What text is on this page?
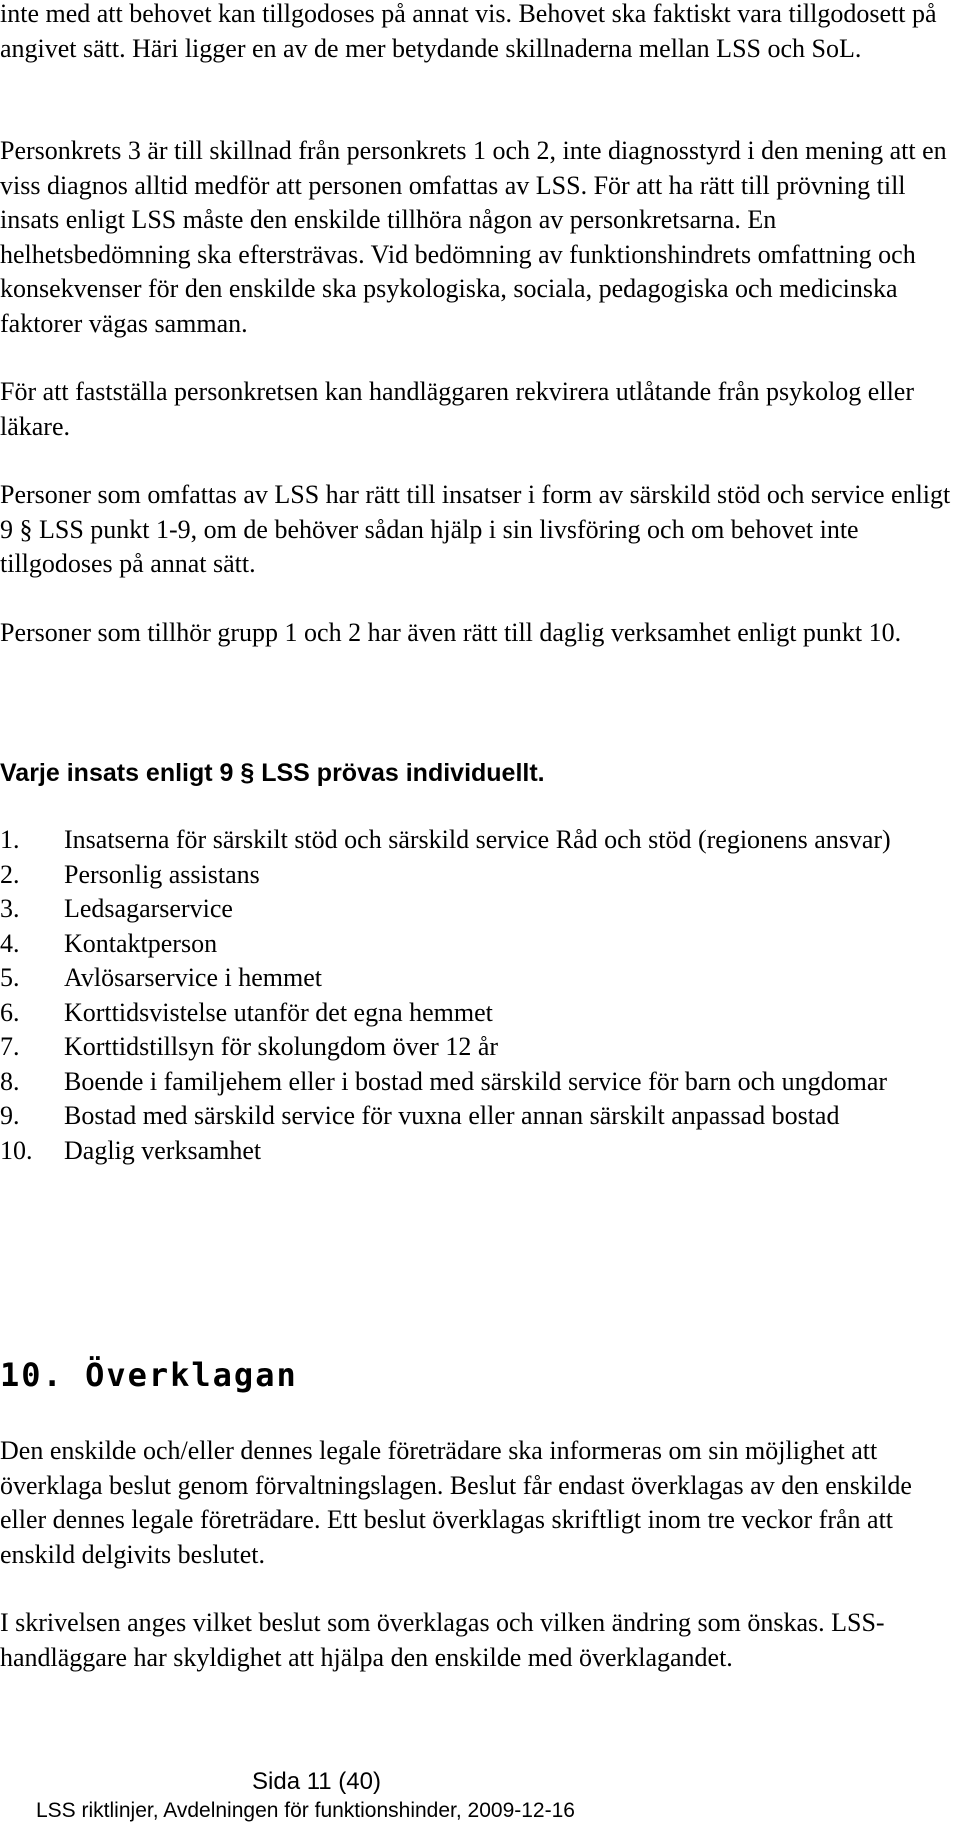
inte med att behovet kan tillgodoses på annat vis. Behovet ska faktiskt vara tillgodosett på angivet sätt. Häri ligger en av de mer betydande skillnaderna mellan LSS och SoL.

Personkrets 3 är till skillnad från personkrets 1 och 2, inte diagnosstyrd i den mening att en viss diagnos alltid medför att personen omfattas av LSS. För att ha rätt till prövning till insats enligt LSS måste den enskilde tillhöra någon av personkretsarna. En helhetsbedömning ska eftersträvas. Vid bedömning av funktionshindrets omfattning och konsekvenser för den enskilde ska psykologiska, sociala, pedagogiska och medicinska faktorer vägas samman.

För att fastställa personkretsen kan handläggaren rekvirera utlåtande från psykolog eller läkare.

Personer som omfattas av LSS har rätt till insatser i form av särskild stöd och service enligt 9 § LSS punkt 1-9, om de behöver sådan hjälp i sin livsföring och om behovet inte tillgodoses på annat sätt.

Personer som tillhör grupp 1 och 2 har även rätt till daglig verksamhet enligt punkt 10.

Varje insats enligt 9 § LSS prövas individuellt.
1.	Insatserna för särskilt stöd och särskild service Råd och stöd (regionens ansvar)
2.	Personlig assistans
3.	Ledsagarservice
4.	Kontaktperson
5.	Avlösarservice i hemmet
6.	Korttidsvistelse utanför det egna hemmet
7.	Korttidstillsyn för skolungdom över 12 år
8.	Boende i familjehem eller i bostad med särskild service för barn och ungdomar
9.	Bostad med särskild service för vuxna eller annan särskilt anpassad bostad
10.	Daglig verksamhet
10. Överklagan

Den enskilde och/eller dennes legale företrädare ska informeras om sin möjlighet att överklaga beslut genom förvaltningslagen. Beslut får endast överklagas av den enskilde eller dennes legale företrädare. Ett beslut överklagas skriftligt inom tre veckor från att enskild delgivits beslutet.

I skrivelsen anges vilket beslut som överklagas och vilken ändring som önskas. LSS-handläggare har skyldighet att hjälpa den enskilde med överklagandet.

Sida 11 (40)
LSS riktlinjer, Avdelningen för funktionshinder, 2009-12-16
